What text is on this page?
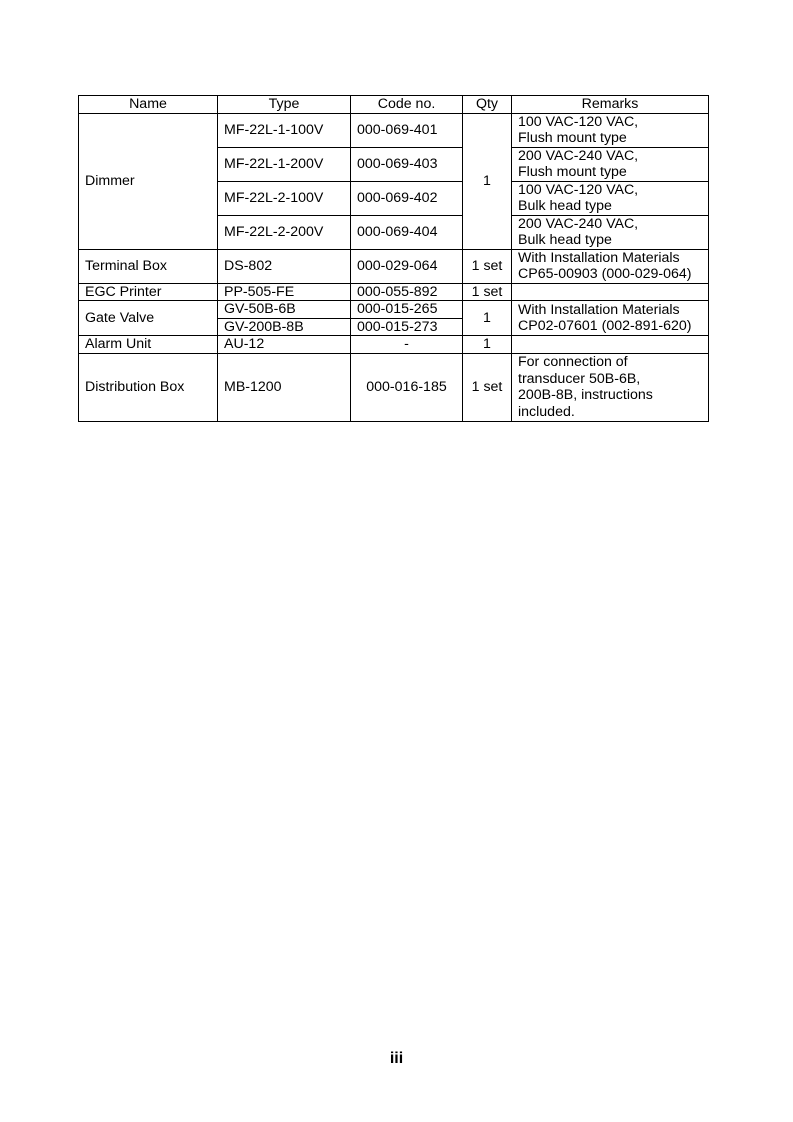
Name	Type	Code no.	Qty	Remarks
Dimmer	MF-22L-1-100V	000-069-401	1	100 VAC-120 VAC,
Flush mount type
	MF-22L-1-200V	000-069-403		200 VAC-240 VAC,
Flush mount type
	MF-22L-2-100V	000-069-402		100 VAC-120 VAC,
Bulk head type
	MF-22L-2-200V	000-069-404		200 VAC-240 VAC,
Bulk head type
Terminal Box	DS-802	000-029-064	1 set	With Installation Materials
CP65-00903 (000-029-064)
EGC Printer	PP-505-FE	000-055-892	1 set	
Gate Valve	GV-50B-6B	000-015-265	1	With Installation Materials
CP02-07601 (002-891-620)
	GV-200B-8B	000-015-273		
Alarm Unit	AU-12	-	1	
Distribution Box	MB-1200	000-016-185	1 set	For connection of
transducer 50B-6B,
200B-8B, instructions
included.
iii
